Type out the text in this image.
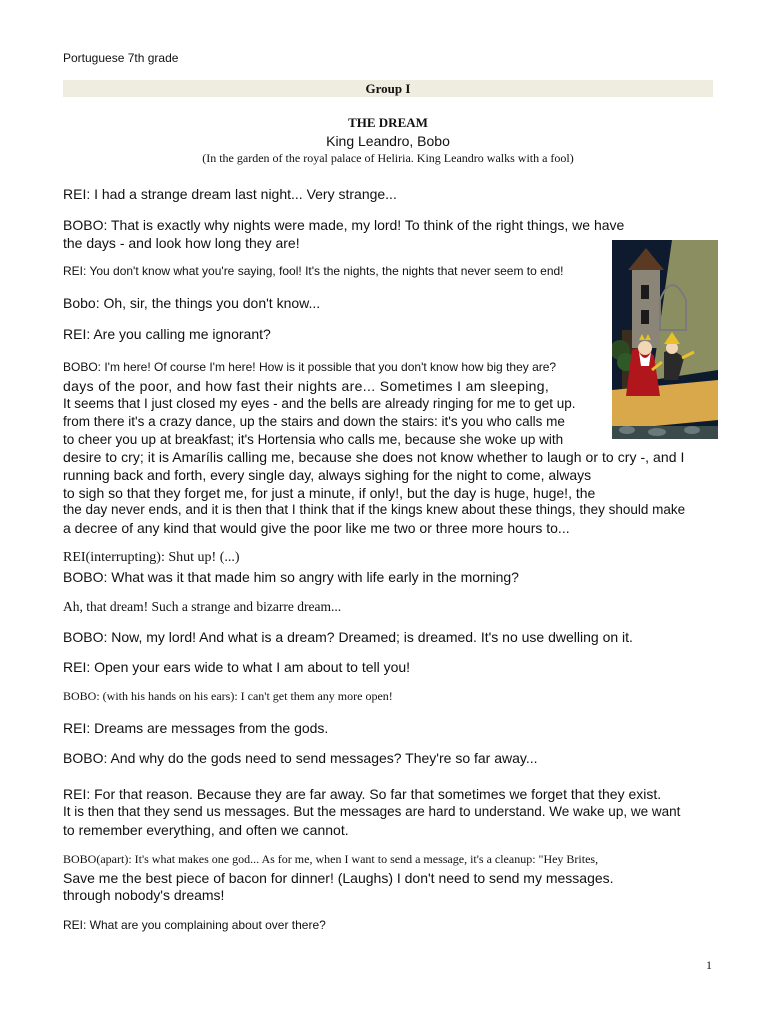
Portuguese 7th grade
Group I
THE DREAM
King Leandro, Bobo
(In the garden of the royal palace of Heliria. King Leandro walks with a fool)
REI: I had a strange dream last night... Very strange...
BOBO: That is exactly why nights were made, my lord! To think of the right things, we have
the days - and look how long they are!
REI: You don't know what you're saying, fool! It's the nights, the nights that never seem to end!
Bobo: Oh, sir, the things you don't know...
REI: Are you calling me ignorant?
BOBO: I'm here! Of course I'm here! How is it possible that you don't know how big they are?
days of the poor, and how fast their nights are... Sometimes I am sleeping,
It seems that I just closed my eyes - and the bells are already ringing for me to get up.
from there it's a crazy dance, up the stairs and down the stairs: it's you who calls me
to cheer you up at breakfast; it's Hortensia who calls me, because she woke up with
desire to cry; it is Amarílis calling me, because she does not know whether to laugh or to cry -, and I
running back and forth, every single day, always sighing for the night to come, always
to sigh so that they forget me, for just a minute, if only!, but the day is huge, huge!, the
the day never ends, and it is then that I think that if the kings knew about these things, they should make
a decree of any kind that would give the poor like me two or three more hours to...
REI(interrupting): Shut up! (...)
BOBO: What was it that made him so angry with life early in the morning?
Ah, that dream! Such a strange and bizarre dream...
BOBO: Now, my lord! And what is a dream? Dreamed; is dreamed. It's no use dwelling on it.
REI: Open your ears wide to what I am about to tell you!
BOBO: (with his hands on his ears): I can't get them any more open!
REI: Dreams are messages from the gods.
BOBO: And why do the gods need to send messages? They're so far away...
REI: For that reason. Because they are far away. So far that sometimes we forget that they exist.
It is then that they send us messages. But the messages are hard to understand. We wake up, we want
to remember everything, and often we cannot.
BOBO(apart): It's what makes one god... As for me, when I want to send a message, it's a cleanup: "Hey Brites,
Save me the best piece of bacon for dinner! (Laughs) I don't need to send my messages.
through nobody's dreams!
REI: What are you complaining about over there?
1
